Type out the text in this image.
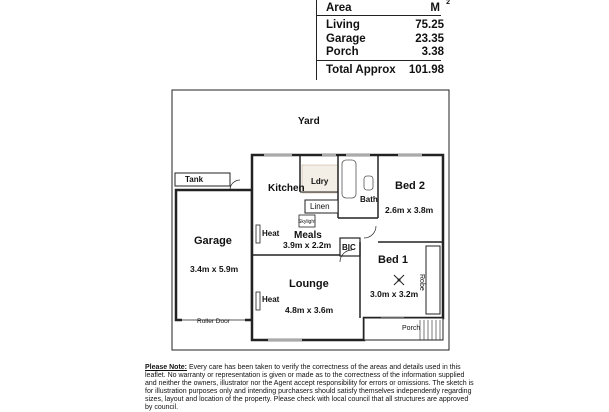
Area	M 2
Living	75.25
Garage	23.35
Porch	3.38
Total Approx 101.98
Yard
Tank
Kitchen
Ldry
Linen
Skylight
Meals
3.9m x 2.2m
Heat
Heat
Garage
3.4m x 5.9m
Lounge
4.8m x 3.6m
Roller Door
BIC
Bath
Bed 2
2.6m x 3.8m
Bed 1
3.0m x 3.2m
Robe
Porch
Please Note: Every care has been taken to verify the correctness of the areas and details used in this leaflet. No warranty or representation is given or made as to the correctness of the information supplied and neither the owners, illustrator nor the Agent accept responsibility for errors or omissions. The sketch is for illustration purposes only and intending purchasers should satisfy themselves independently regarding sizes, layout and location of the property. Please check with local council that all structures are approved by council.
